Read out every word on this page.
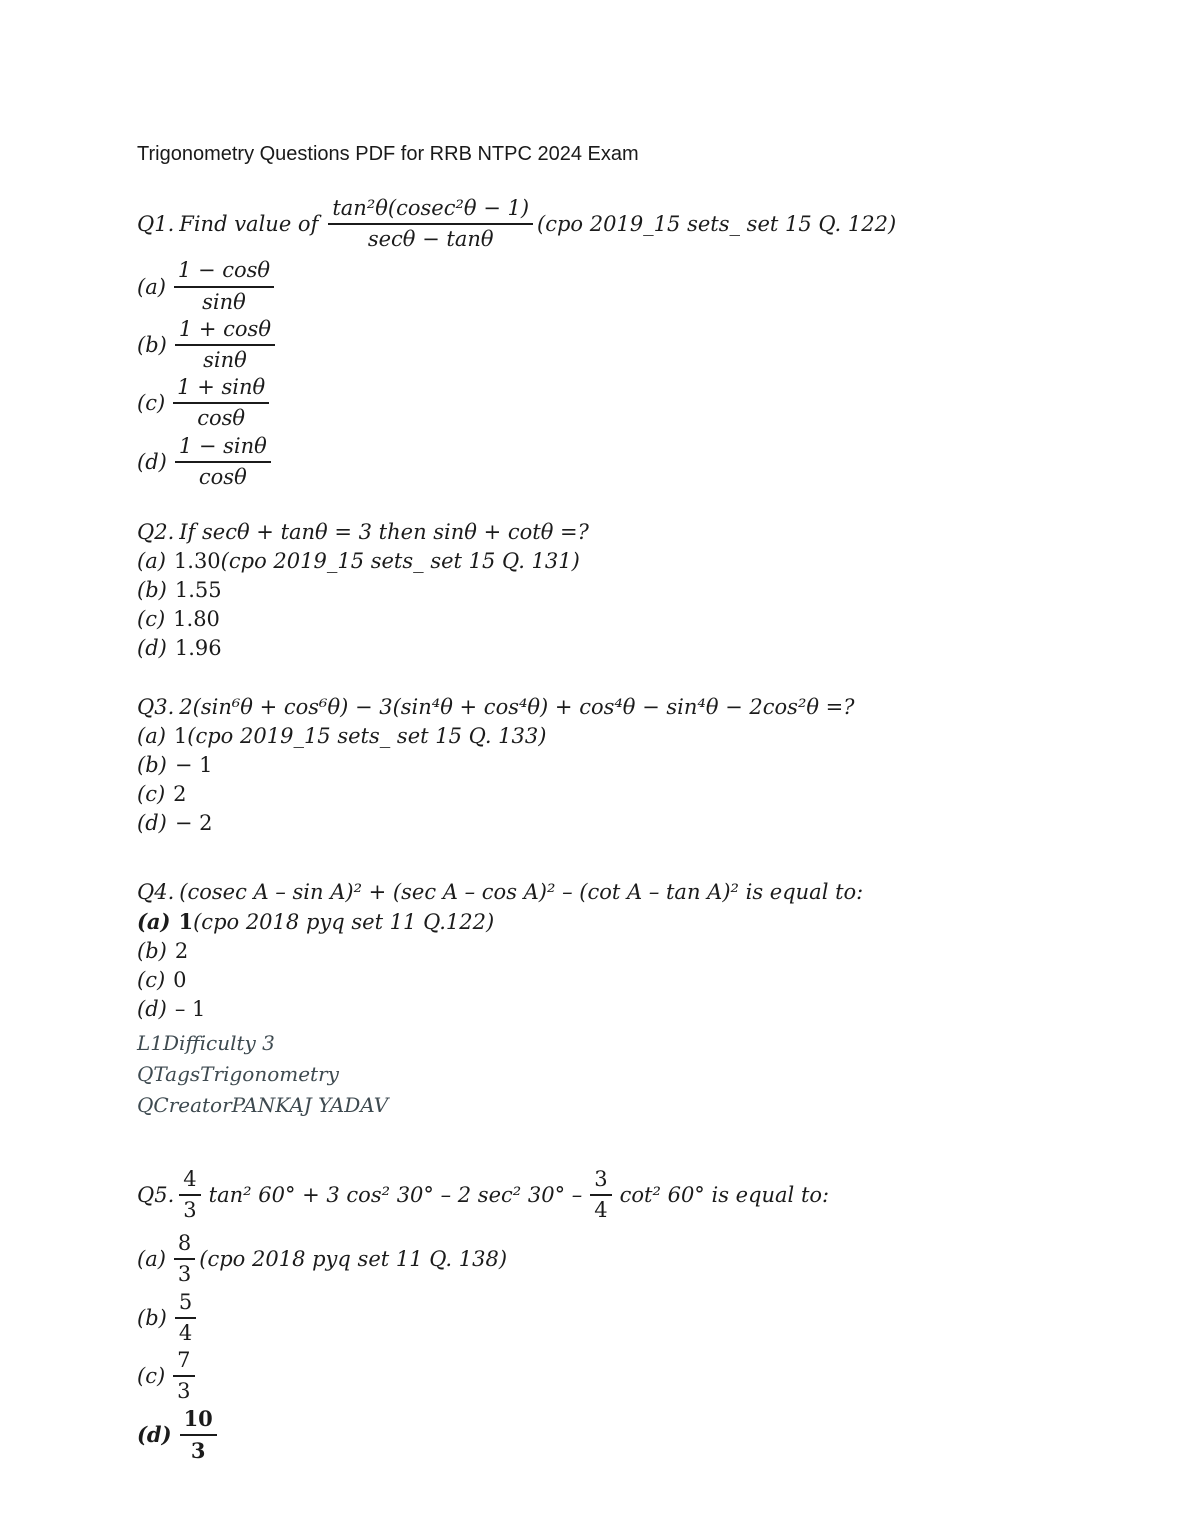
Trigonometry Questions PDF for RRB NTPC 2024 Exam
Q1. Find value of $\frac{\text{tan²θ(cosec²θ − 1)}}{\sec\theta - \tan\theta} (cpo$ 2019_15 sets_ set 15 Q. 122)
$(a) \frac{1 - \cos\theta}{\sin\theta}$
$(b) \frac{1 + \cos\theta}{\sin\theta}$
$(c) \frac{1 + \sin\theta}{\cos\theta}$
$(d) \frac{1 - \sin\theta}{\cos\theta}$
Q2. If secθ + tanθ = 3 then sinθ + cotθ =?
(a) 1.30(cpo 2019_15 sets_ set 15 Q. 131)
(b) 1.55
(c) 1.80
(d) 1.96
Q3. 2(sin⁶θ + cos⁶θ) − 3(sin⁴θ + cos⁴θ) + cos⁴θ − sin⁴θ − 2cos²θ =?
(a) 1(cpo 2019_15 sets_ set 15 Q. 133)
(b) − 1
(c) 2
(d) − 2
Q4. (cosec A – sin A)² + (sec A – cos A)² – (cot A – tan A)² is equal to:
(a) 1(cpo 2018 pyq set 11 Q.122)
(b) 2
(c) 0
(d) – 1
L1Difficulty 3
QTagsTrigonometry
QCreatorPANKAJ YADAV
Q5. $\frac{4}{3} \tan^2$ 60° + 3 cos² 30° – 2 sec² $30^\circ - \frac{3}{4} \cot^2$ 60° is equal to:
$(a) \frac{8}{3} (cpo$ 2018 pyq set 11 Q. 138)
$(b) \frac{5}{4}$
$(c) \frac{7}{3}$
$(d) \frac{10}{3}$
